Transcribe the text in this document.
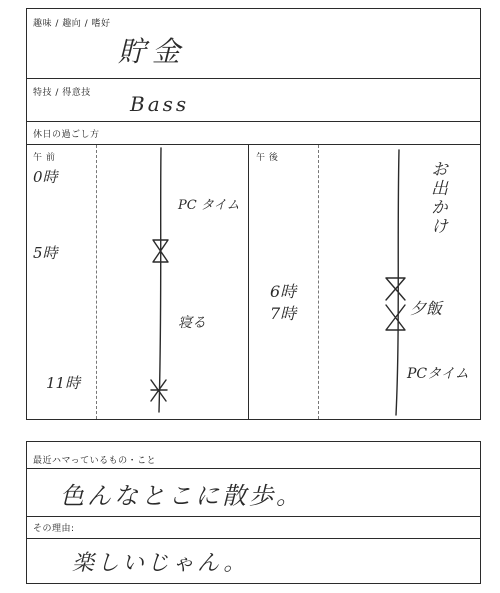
趣味 / 趣向 / 嗜好
貯金
特技 / 得意技 Bass
休日の過ごし方
午 前	午 後
0時
5時
11時
PC タイム
寝る
6時
7時
お出かけ
夕飯
PCタイム
最近ハマっているもの・こと
色んなとこに散歩。
その理由:
楽しいじゃん。
